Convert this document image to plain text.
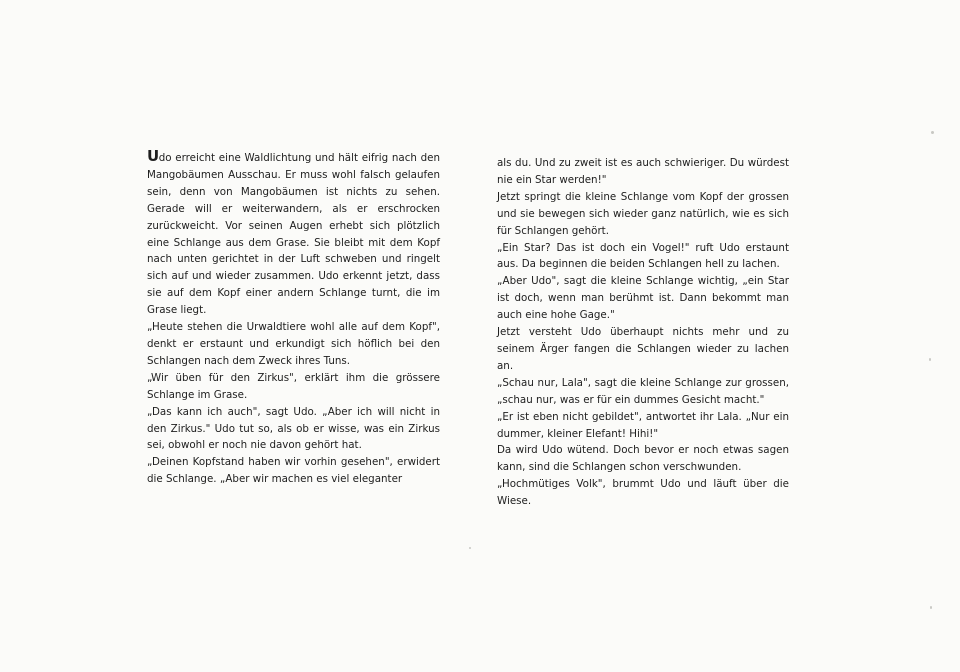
Udo erreicht eine Waldlichtung und hält eifrig nach den Mangobäumen Ausschau. Er muss wohl falsch gelaufen sein, denn von Mangobäumen ist nichts zu sehen. Gerade will er weiterwandern, als er erschrocken zurückweicht. Vor seinen Augen erhebt sich plötzlich eine Schlange aus dem Grase. Sie bleibt mit dem Kopf nach unten gerichtet in der Luft schweben und ringelt sich auf und wieder zusammen. Udo erkennt jetzt, dass sie auf dem Kopf einer andern Schlange turnt, die im Grase liegt.

„Heute stehen die Urwaldtiere wohl alle auf dem Kopf", denkt er erstaunt und erkundigt sich höflich bei den Schlangen nach dem Zweck ihres Tuns.

„Wir üben für den Zirkus", erklärt ihm die grössere Schlange im Grase.

„Das kann ich auch", sagt Udo. „Aber ich will nicht in den Zirkus." Udo tut so, als ob er wisse, was ein Zirkus sei, obwohl er noch nie davon gehört hat.

„Deinen Kopfstand haben wir vorhin gesehen", erwidert die Schlange. „Aber wir machen es viel eleganter

als du. Und zu zweit ist es auch schwieriger. Du würdest nie ein Star werden!"

Jetzt springt die kleine Schlange vom Kopf der grossen und sie bewegen sich wieder ganz natürlich, wie es sich für Schlangen gehört.

„Ein Star? Das ist doch ein Vogel!" ruft Udo erstaunt aus. Da beginnen die beiden Schlangen hell zu lachen.

„Aber Udo", sagt die kleine Schlange wichtig, „ein Star ist doch, wenn man berühmt ist. Dann bekommt man auch eine hohe Gage."

Jetzt versteht Udo überhaupt nichts mehr und zu seinem Ärger fangen die Schlangen wieder zu lachen an.

„Schau nur, Lala", sagt die kleine Schlange zur grossen, „schau nur, was er für ein dummes Gesicht macht."

„Er ist eben nicht gebildet", antwortet ihr Lala. „Nur ein dummer, kleiner Elefant! Hihi!"

Da wird Udo wütend. Doch bevor er noch etwas sagen kann, sind die Schlangen schon verschwunden.

„Hochmütiges Volk", brummt Udo und läuft über die Wiese.
